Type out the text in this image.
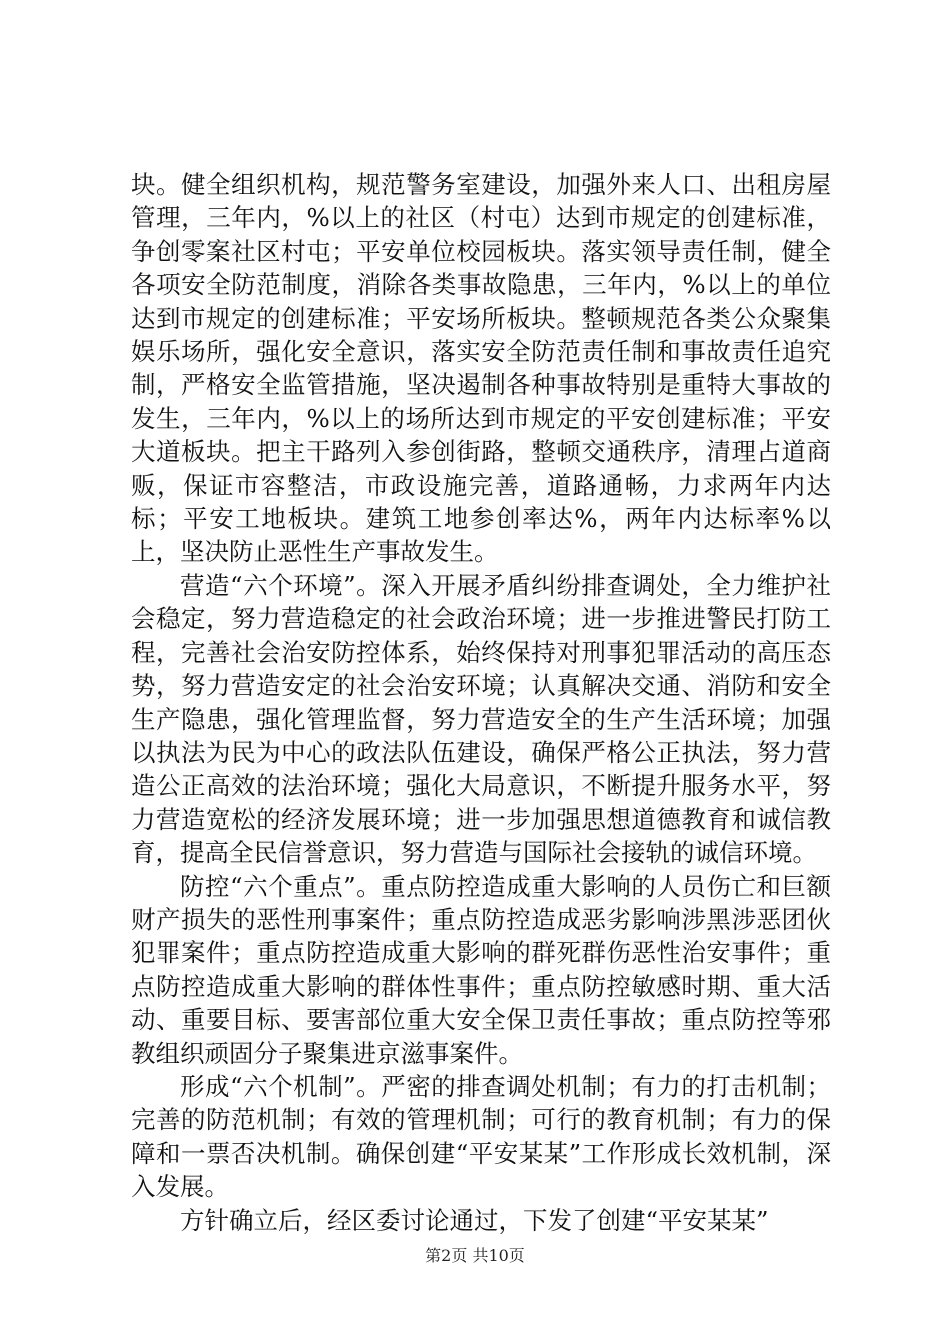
块。健全组织机构，规范警务室建设，加强外来人口、出租房屋管理，三年内，%以上的社区（村屯）达到市规定的创建标准，争创零案社区村屯；平安单位校园板块。落实领导责任制，健全各项安全防范制度，消除各类事故隐患，三年内，%以上的单位达到市规定的创建标准；平安场所板块。整顿规范各类公众聚集娱乐场所，强化安全意识，落实安全防范责任制和事故责任追究制，严格安全监管措施，坚决遏制各种事故特别是重特大事故的发生，三年内，%以上的场所达到市规定的平安创建标准；平安大道板块。把主干路列入参创街路，整顿交通秩序，清理占道商贩，保证市容整洁，市政设施完善，道路通畅，力求两年内达标；平安工地板块。建筑工地参创率达%，两年内达标率%以上，坚决防止恶性生产事故发生。

营造“六个环境”。深入开展矛盾纠纷排查调处，全力维护社会稳定，努力营造稳定的社会政治环境；进一步推进警民打防工程，完善社会治安防控体系，始终保持对刑事犯罪活动的高压态势，努力营造安定的社会治安环境；认真解决交通、消防和安全生产隐患，强化管理监督，努力营造安全的生产生活环境；加强以执法为民为中心的政法队伍建设，确保严格公正执法，努力营造公正高效的法治环境；强化大局意识，不断提升服务水平，努力营造宽松的经济发展环境；进一步加强思想道德教育和诚信教育，提高全民信誉意识，努力营造与国际社会接轨的诚信环境。

防控“六个重点”。重点防控造成重大影响的人员伤亡和巨额财产损失的恶性刑事案件；重点防控造成恶劣影响涉黑涉恶团伙犯罪案件；重点防控造成重大影响的群死群伤恶性治安事件；重点防控造成重大影响的群体性事件；重点防控敏感时期、重大活动、重要目标、要害部位重大安全保卫责任事故；重点防控等邪教组织顽固分子聚集进京滋事案件。

形成“六个机制”。严密的排查调处机制；有力的打击机制；完善的防范机制；有效的管理机制；可行的教育机制；有力的保障和一票否决机制。确保创建“平安某某”工作形成长效机制，深入发展。

方针确立后，经区委讨论通过，下发了创建“平安某某”

第2页 共10页
